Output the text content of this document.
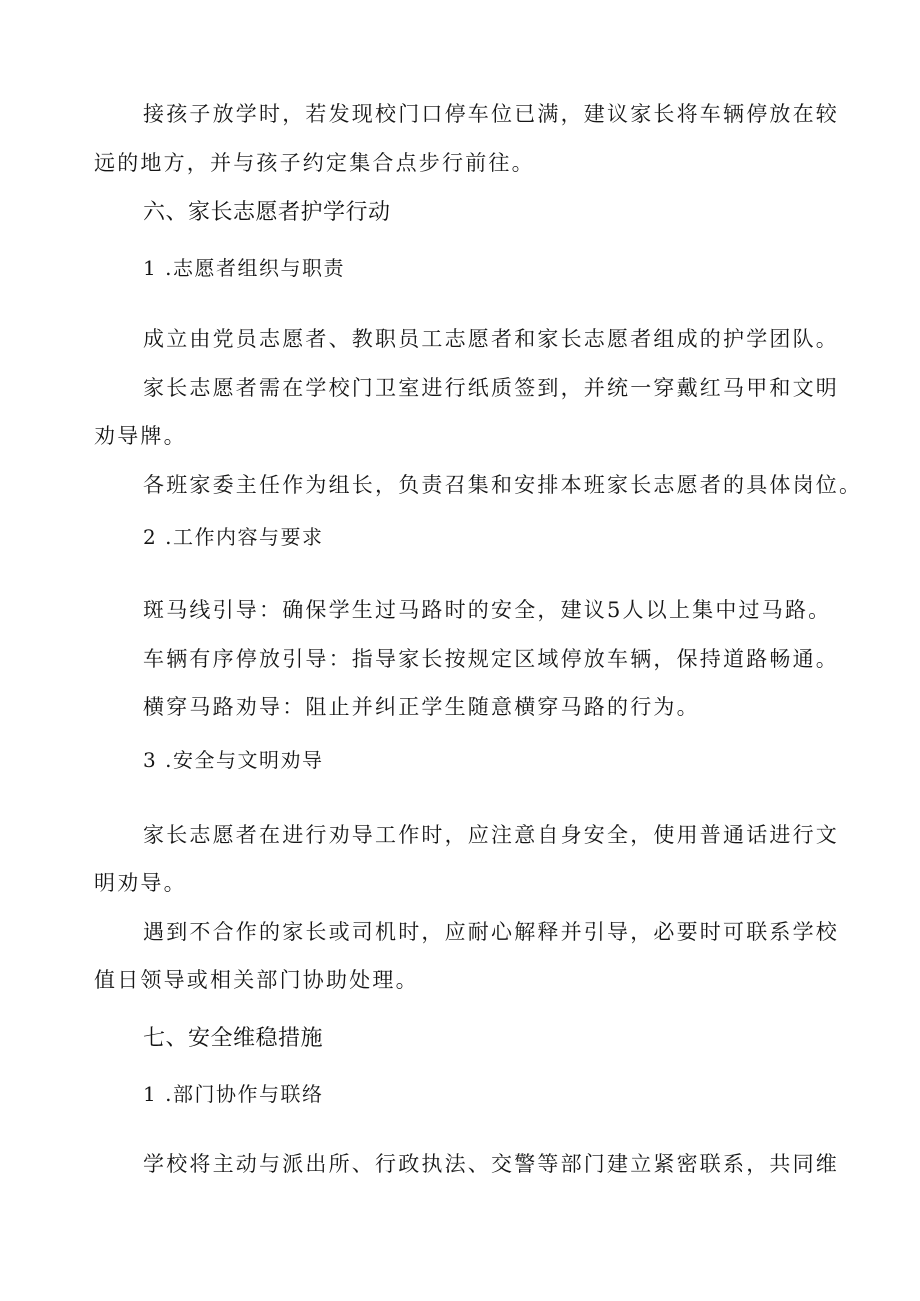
接孩子放学时，若发现校门口停车位已满，建议家长将车辆停放在较
远的地方，并与孩子约定集合点步行前往。
六、家长志愿者护学行动
1 .志愿者组织与职责
成立由党员志愿者、教职员工志愿者和家长志愿者组成的护学团队。
家长志愿者需在学校门卫室进行纸质签到，并统一穿戴红马甲和文明
劝导牌。
各班家委主任作为组长，负责召集和安排本班家长志愿者的具体岗位。
2 .工作内容与要求
斑马线引导：确保学生过马路时的安全，建议5人以上集中过马路。
车辆有序停放引导：指导家长按规定区域停放车辆，保持道路畅通。
横穿马路劝导：阻止并纠正学生随意横穿马路的行为。
3 .安全与文明劝导
家长志愿者在进行劝导工作时，应注意自身安全，使用普通话进行文
明劝导。
遇到不合作的家长或司机时，应耐心解释并引导，必要时可联系学校
值日领导或相关部门协助处理。
七、安全维稳措施
1 .部门协作与联络
学校将主动与派出所、行政执法、交警等部门建立紧密联系，共同维
